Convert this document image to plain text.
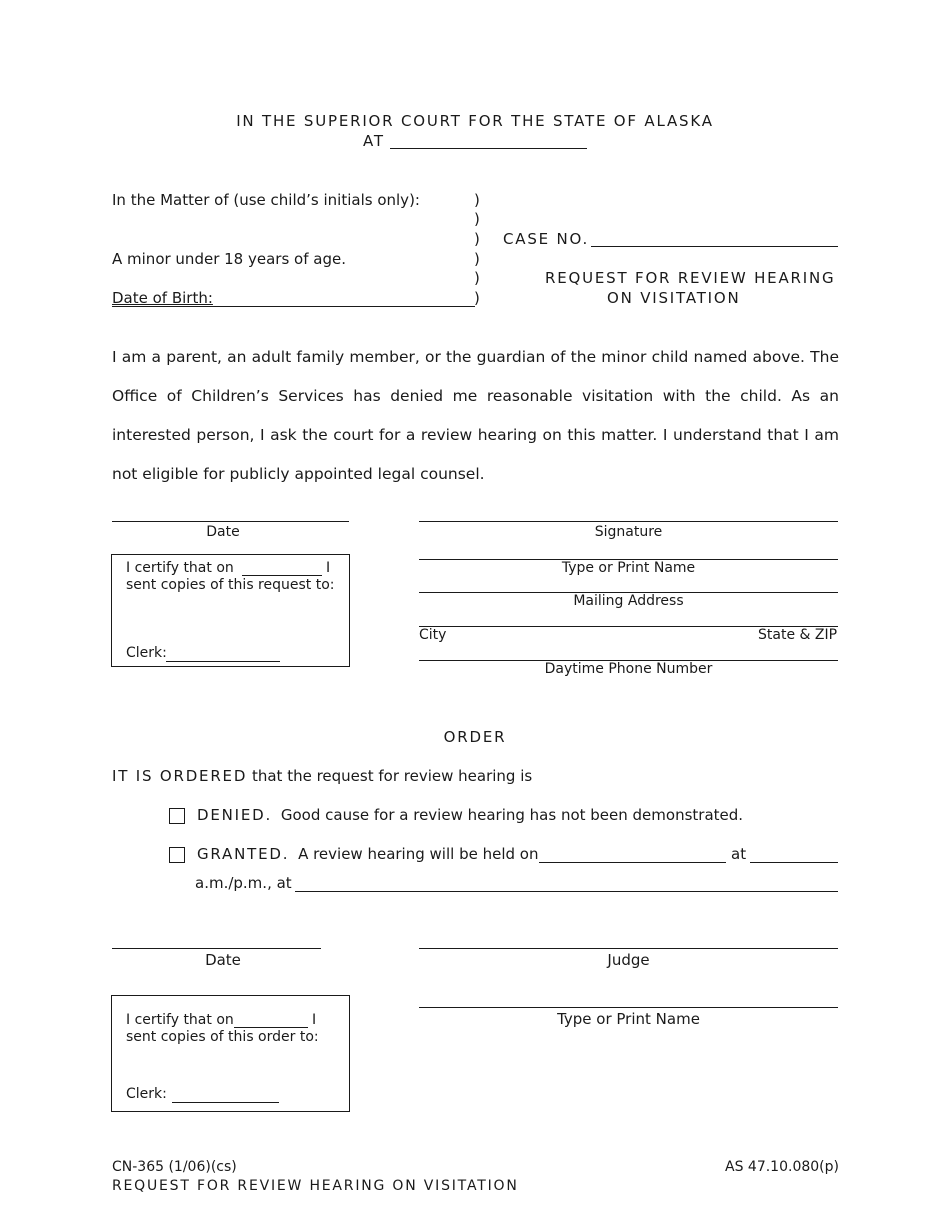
IN THE SUPERIOR COURT FOR THE STATE OF ALASKA
AT
In the Matter of (use child’s initials only):
A minor under 18 years of age.
Date of Birth:
)
)
)
)
)
)
CASE NO.
REQUEST FOR REVIEW HEARING
ON VISITATION
I am a parent, an adult family member, or the guardian of the minor child named above. The Office of Children’s Services has denied me reasonable visitation with the child. As an interested person, I ask the court for a review hearing on this matter. I understand that I am not eligible for publicly appointed legal counsel.
Date	Signature
Type or Print Name
Mailing Address
City	State & ZIP
Daytime Phone Number
I certify that on	I
sent copies of this request to:
Clerk:
ORDER
IT IS ORDERED that the request for review hearing is
DENIED. Good cause for a review hearing has not been demonstrated.
GRANTED. A review hearing will be held on	at
a.m./p.m., at
Date	Judge
Type or Print Name
I certify that on	I
sent copies of this order to:
Clerk:
CN-365 (1/06)(cs)
REQUEST FOR REVIEW HEARING ON VISITATION
AS 47.10.080(p)
